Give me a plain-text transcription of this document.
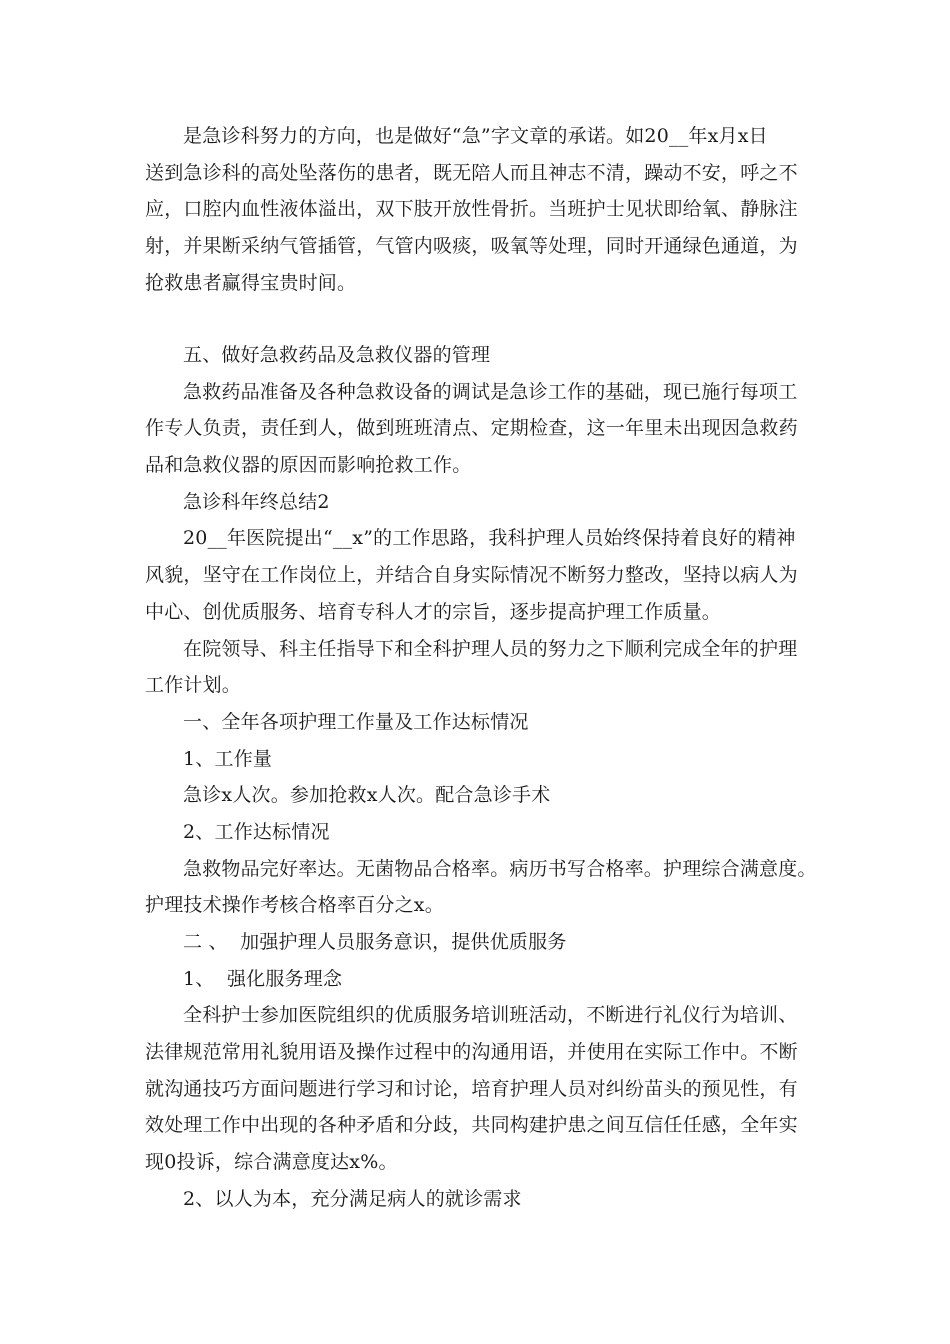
是急诊科努力的方向，也是做好“急”字文章的承诺。如20__年x月x日
送到急诊科的高处坠落伤的患者，既无陪人而且神志不清，躁动不安，呼之不
应，口腔内血性液体溢出，双下肢开放性骨折。当班护士见状即给氧、静脉注
射，并果断采纳气管插管，气管内吸痰，吸氧等处理，同时开通绿色通道，为
抢救患者赢得宝贵时间。
五、做好急救药品及急救仪器的管理
急救药品准备及各种急救设备的调试是急诊工作的基础，现已施行每项工
作专人负责，责任到人，做到班班清点、定期检查，这一年里未出现因急救药
品和急救仪器的原因而影响抢救工作。
急诊科年终总结2
20__年医院提出“__x”的工作思路，我科护理人员始终保持着良好的精神
风貌，坚守在工作岗位上，并结合自身实际情况不断努力整改，坚持以病人为
中心、创优质服务、培育专科人才的宗旨，逐步提高护理工作质量。
在院领导、科主任指导下和全科护理人员的努力之下顺利完成全年的护理
工作计划。
一、全年各项护理工作量及工作达标情况
1、工作量
急诊x人次。参加抢救x人次。配合急诊手术
2、工作达标情况
急救物品完好率达。无菌物品合格率。病历书写合格率。护理综合满意度。
护理技术操作考核合格率百分之x。
二 、  加强护理人员服务意识，提供优质服务
1、  强化服务理念
全科护士参加医院组织的优质服务培训班活动，不断进行礼仪行为培训、
法律规范常用礼貌用语及操作过程中的沟通用语，并使用在实际工作中。不断
就沟通技巧方面问题进行学习和讨论，培育护理人员对纠纷苗头的预见性，有
效处理工作中出现的各种矛盾和分歧，共同构建护患之间互信任任感，全年实
现0投诉，综合满意度达x%。
2、以人为本，充分满足病人的就诊需求
